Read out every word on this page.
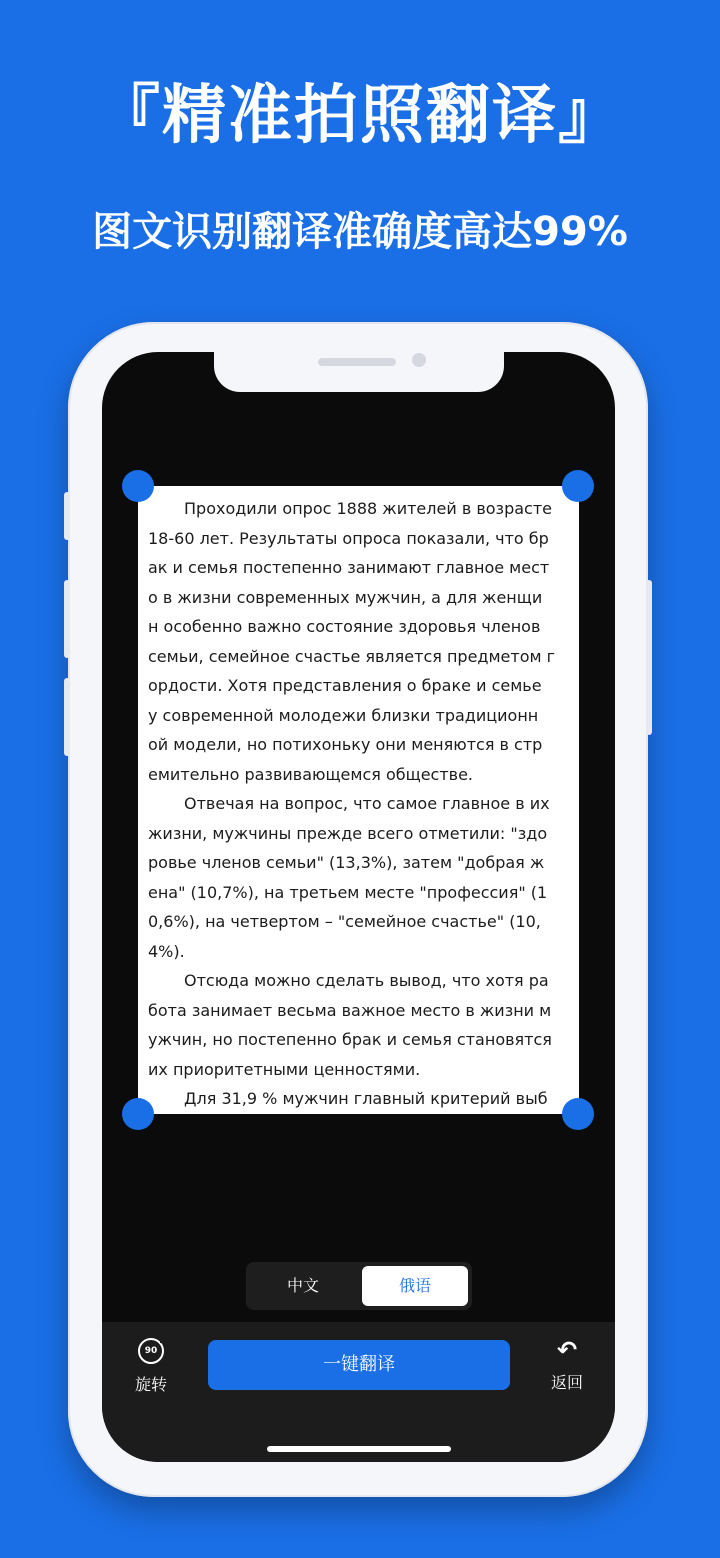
『精准拍照翻译』
图文识别翻译准确度高达99%
Проходили опрос 1888 жителей в возрасте
18-60 лет. Результаты опроса показали, что бр
ак и семья постепенно занимают главное мест
о в жизни современных мужчин, а для женщи
н особенно важно состояние здоровья членов
семьи, семейное счастье является предметом г
ордости. Хотя представления о браке и семье
у современной молодежи близки традиционн
ой модели, но потихоньку они меняются в стр
емительно развивающемся обществе.
Отвечая на вопрос, что самое главное в их
жизни, мужчины прежде всего отметили: "здо
ровье членов семьи" (13,3%), затем "добрая ж
ена" (10,7%), на третьем месте "профессия" (1
0,6%), на четвертом – "семейное счастье" (10,
4%).
Отсюда можно сделать вывод, что хотя ра
бота занимает весьма важное место в жизни м
ужчин, но постепенно брак и семья становятся
их приоритетными ценностями.
Для 31,9 % мужчин главный критерий выб
中文	俄语
90
旋转
一键翻译
↶
返回
